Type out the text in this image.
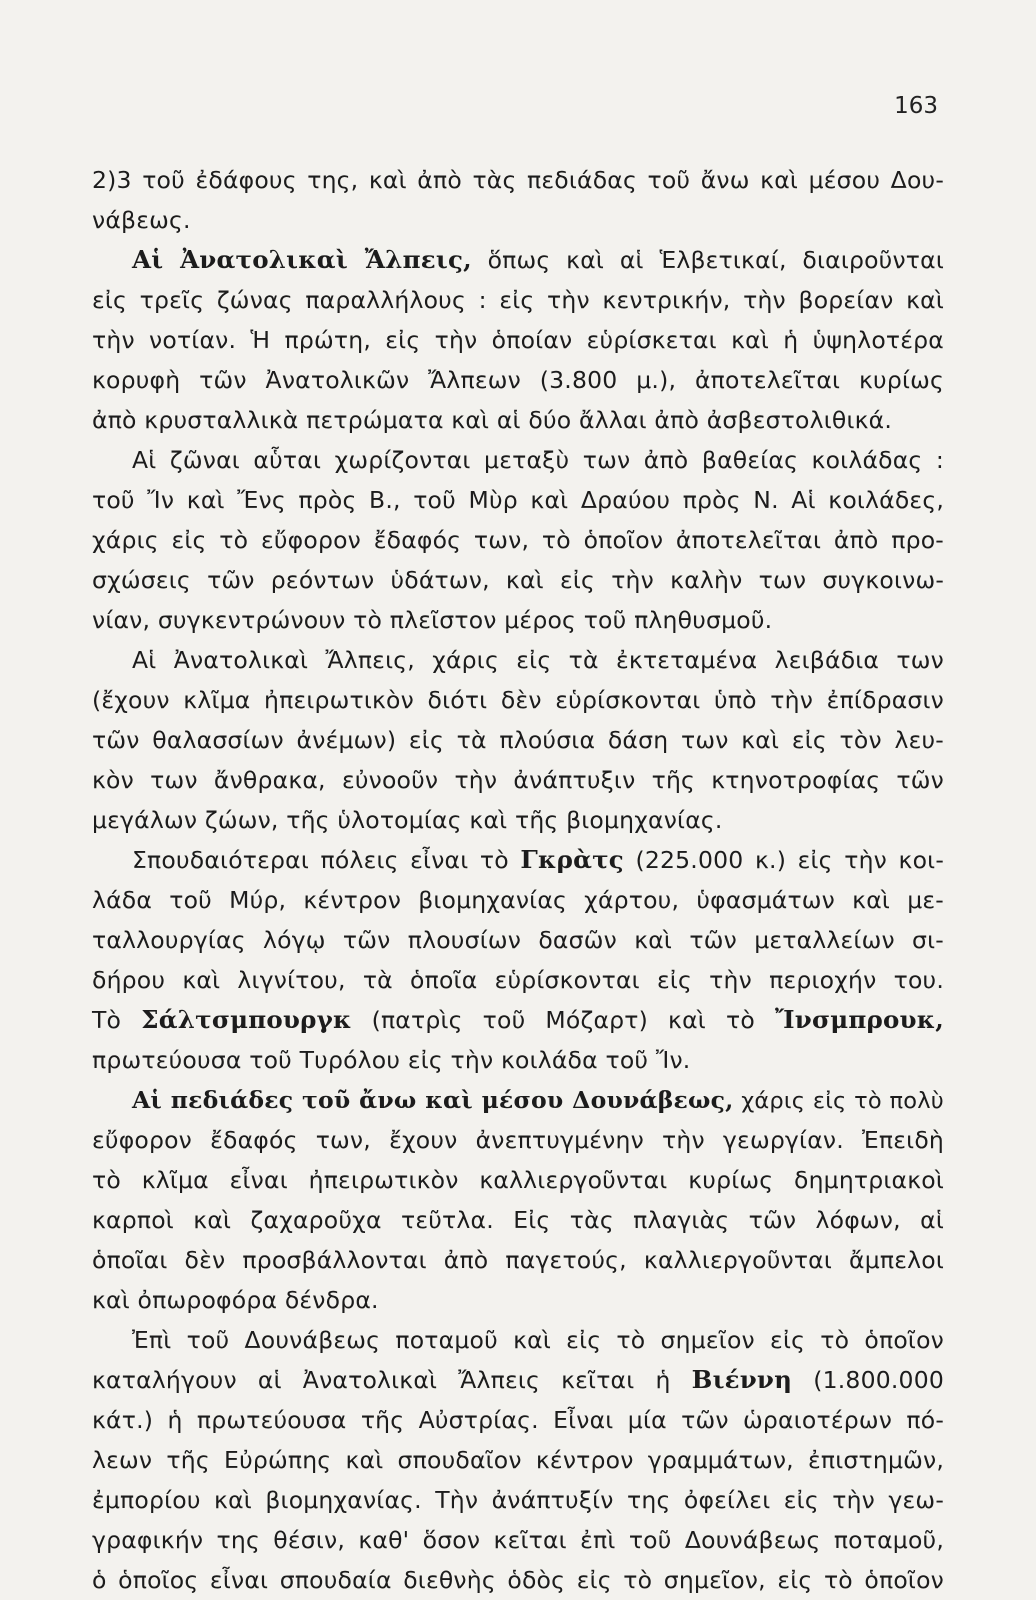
163
2)3 τοῦ ἐδάφους της, καὶ ἀπὸ τὰς πεδιάδας τοῦ ἄνω καὶ μέσου Δου-
νάβεως.
Αἱ Ἀνατολικαὶ Ἄλπεις, ὅπως καὶ αἱ Ἑλβετικαί, διαιροῦνται
εἰς τρεῖς ζώνας παραλλήλους : εἰς τὴν κεντρικήν, τὴν βορείαν καὶ
τὴν νοτίαν. Ἡ πρώτη, εἰς τὴν ὁποίαν εὑρίσκεται καὶ ἡ ὑψηλοτέρα
κορυφὴ τῶν Ἀνατολικῶν Ἄλπεων (3.800 μ.), ἀποτελεῖται κυρίως
ἀπὸ κρυσταλλικὰ πετρώματα καὶ αἱ δύο ἄλλαι ἀπὸ ἀσβεστολιθικά.
Αἱ ζῶναι αὗται χωρίζονται μεταξὺ των ἀπὸ βαθείας κοιλάδας :
τοῦ Ἴν καὶ Ἔνς πρὸς Β., τοῦ Μὺρ καὶ Δραύου πρὸς Ν. Αἱ κοιλάδες,
χάρις εἰς τὸ εὔφορον ἔδαφός των, τὸ ὁποῖον ἀποτελεῖται ἀπὸ προ-
σχώσεις τῶν ρεόντων ὑδάτων, καὶ εἰς τὴν καλὴν των συγκοινω-
νίαν, συγκεντρώνουν τὸ πλεῖστον μέρος τοῦ πληθυσμοῦ.
Αἱ Ἀνατολικαὶ Ἄλπεις, χάρις εἰς τὰ ἐκτεταμένα λειβάδια των
(ἔχουν κλῖμα ἠπειρωτικὸν διότι δὲν εὑρίσκονται ὑπὸ τὴν ἐπίδρασιν
τῶν θαλασσίων ἀνέμων) εἰς τὰ πλούσια δάση των καὶ εἰς τὸν λευ-
κὸν των ἄνθρακα, εὐνοοῦν τὴν ἀνάπτυξιν τῆς κτηνοτροφίας τῶν
μεγάλων ζώων, τῆς ὑλοτομίας καὶ τῆς βιομηχανίας.
Σπουδαιότεραι πόλεις εἶναι τὸ Γκρὰτς (225.000 κ.) εἰς τὴν κοι-
λάδα τοῦ Μύρ, κέντρον βιομηχανίας χάρτου, ὑφασμάτων καὶ με-
ταλλουργίας λόγῳ τῶν πλουσίων δασῶν καὶ τῶν μεταλλείων σι-
δήρου καὶ λιγνίτου, τὰ ὁποῖα εὑρίσκονται εἰς τὴν περιοχήν του.
Τὸ Σάλτσμπουργκ (πατρὶς τοῦ Μόζαρτ) καὶ τὸ Ἴνσμπρουκ,
πρωτεύουσα τοῦ Τυρόλου εἰς τὴν κοιλάδα τοῦ Ἴν.
Αἱ πεδιάδες τοῦ ἄνω καὶ μέσου Δουνάβεως, χάρις εἰς τὸ πολὺ
εὔφορον ἔδαφός των, ἔχουν ἀνεπτυγμένην τὴν γεωργίαν. Ἐπειδὴ
τὸ κλῖμα εἶναι ἠπειρωτικὸν καλλιεργοῦνται κυρίως δημητριακοὶ
καρποὶ καὶ ζαχαροῦχα τεῦτλα. Εἰς τὰς πλαγιὰς τῶν λόφων, αἱ
ὁποῖαι δὲν προσβάλλονται ἀπὸ παγετούς, καλλιεργοῦνται ἄμπελοι
καὶ ὀπωροφόρα δένδρα.
Ἐπὶ τοῦ Δουνάβεως ποταμοῦ καὶ εἰς τὸ σημεῖον εἰς τὸ ὁποῖον
καταλήγουν αἱ Ἀνατολικαὶ Ἄλπεις κεῖται ἡ Βιέννη (1.800.000
κάτ.) ἡ πρωτεύουσα τῆς Αὐστρίας. Εἶναι μία τῶν ὡραιοτέρων πό-
λεων τῆς Εὐρώπης καὶ σπουδαῖον κέντρον γραμμάτων, ἐπιστημῶν,
ἐμπορίου καὶ βιομηχανίας. Τὴν ἀνάπτυξίν της ὀφείλει εἰς τὴν γεω-
γραφικήν της θέσιν, καθ' ὅσον κεῖται ἐπὶ τοῦ Δουνάβεως ποταμοῦ,
ὁ ὁποῖος εἶναι σπουδαία διεθνὴς ὁδὸς εἰς τὸ σημεῖον, εἰς τὸ ὁποῖον
